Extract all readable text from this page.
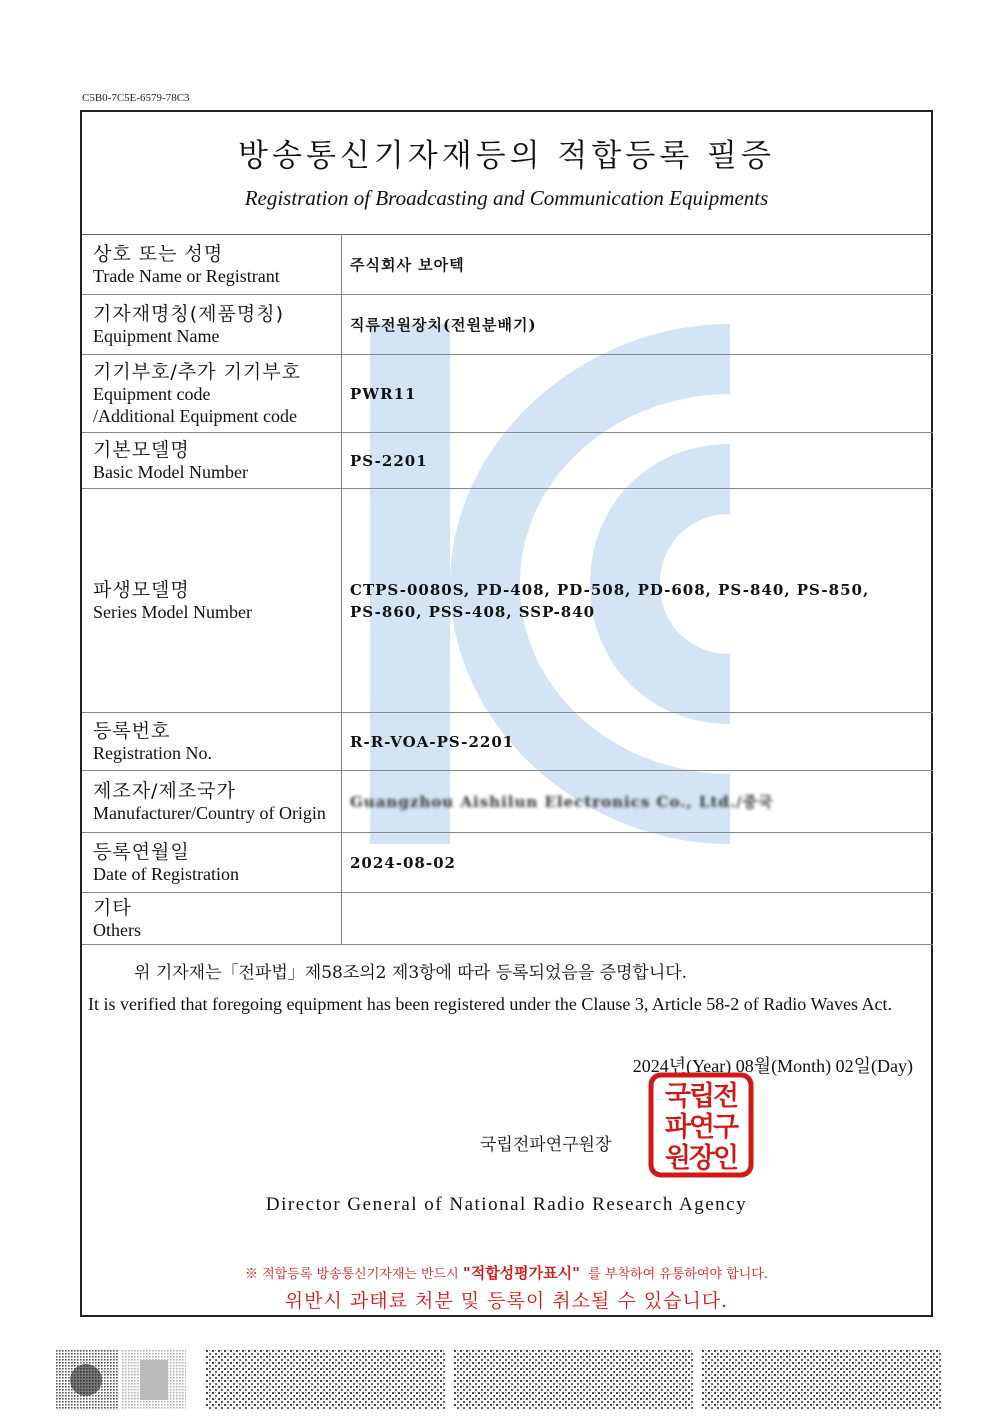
C5B0-7C5E-6579-78C3
방송통신기자재등의 적합등록 필증
Registration of Broadcasting and Communication Equipments
상호 또는 성명
Trade Name or Registrant	주식회사 보아텍

기자재명칭(제품명칭)
Equipment Name	직류전원장치(전원분배기)

기기부호/추가 기기부호
Equipment code
/Additional Equipment code	PWR11

기본모델명
Basic Model Number	PS-2201

파생모델명
Series Model Number	CTPS-0080S, PD-408, PD-508, PD-608, PS-840, PS-850, PS-860, PSS-408, SSP-840

등록번호
Registration No.	R-R-VOA-PS-2201

제조자/제조국가
Manufacturer/Country of Origin	Guangzhou Aishilun Electronics Co., Ltd./중국

등록연월일
Date of Registration	2024-08-02

기타
Others	

위 기자재는「전파법」제58조의2 제3항에 따라 등록되었음을 증명합니다.
It is verified that foregoing equipment has been registered under the Clause 3, Article 58-2 of Radio Waves Act.
2024년(Year) 08월(Month) 02일(Day)
국립전파연구원장
국립전
파연구
원장인
Director General of National Radio Research Agency
※ 적합등록 방송통신기자재는 반드시 "적합성평가표시" 를 부착하여 유통하여야 합니다.
위반시 과태료 처분 및 등록이 취소될 수 있습니다.
